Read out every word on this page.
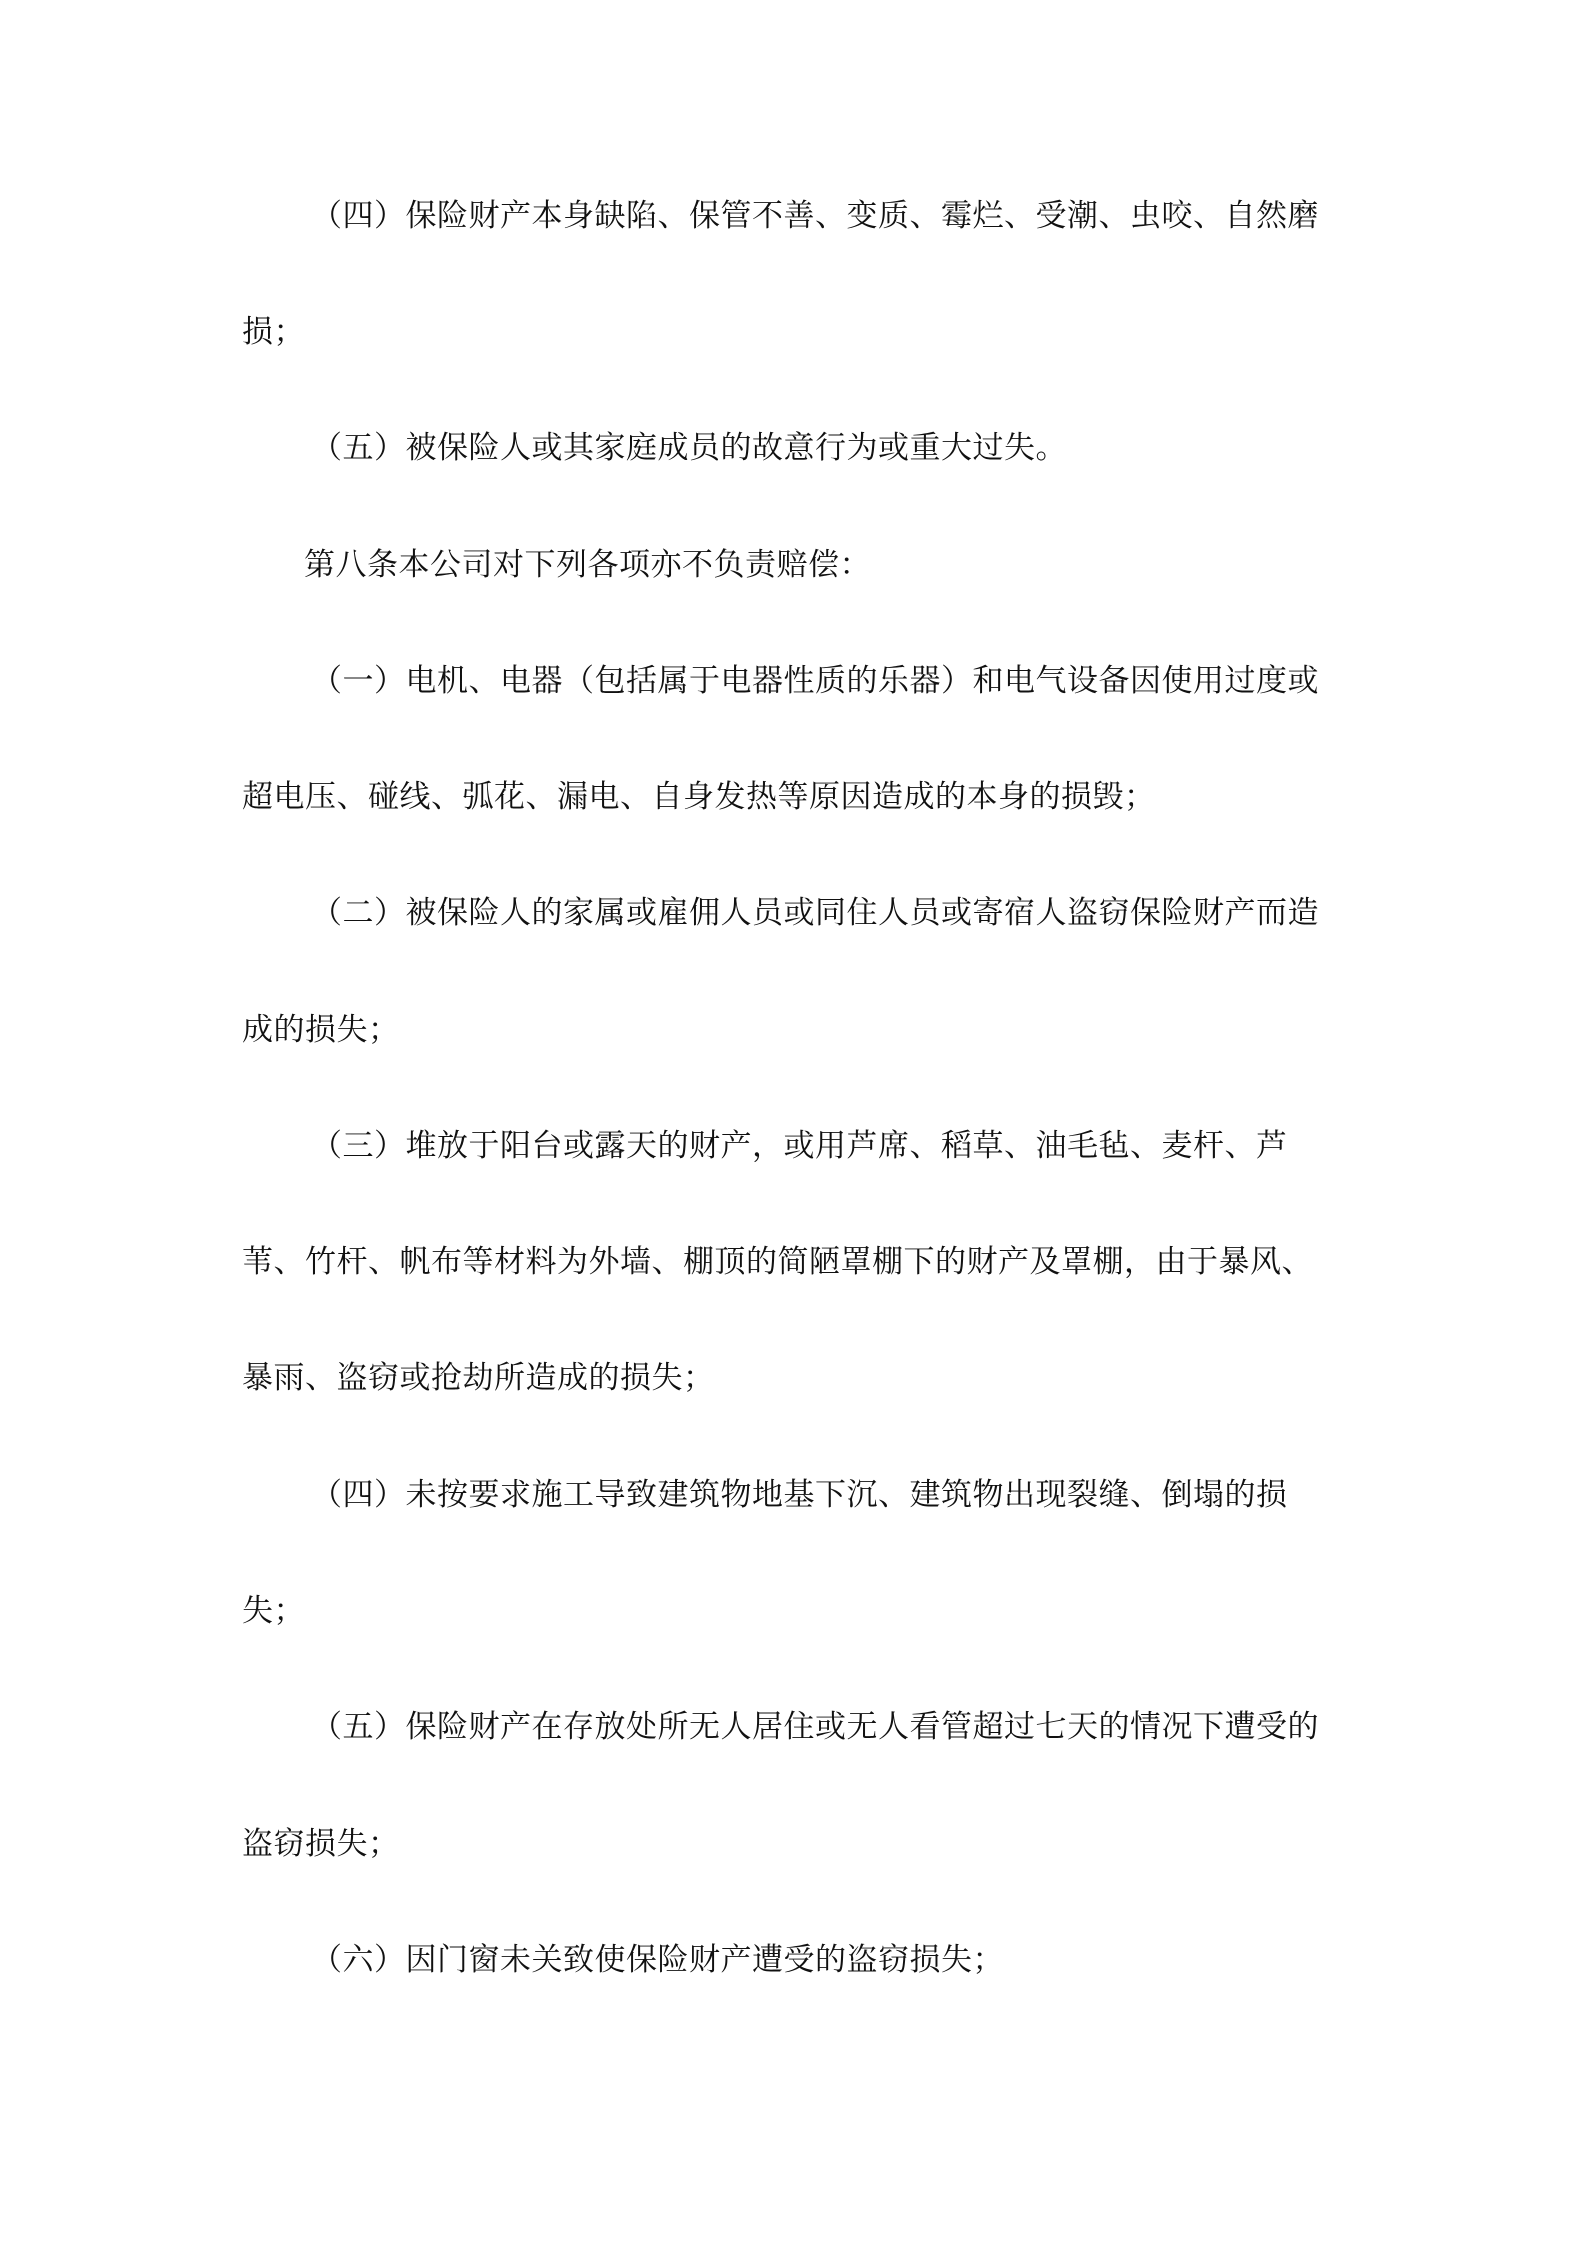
（四）保险财产本身缺陷、保管不善、变质、霉烂、受潮、虫咬、自然磨
损；
（五）被保险人或其家庭成员的故意行为或重大过失。
第八条本公司对下列各项亦不负责赔偿：
（一）电机、电器（包括属于电器性质的乐器）和电气设备因使用过度或
超电压、碰线、弧花、漏电、自身发热等原因造成的本身的损毁；
（二）被保险人的家属或雇佣人员或同住人员或寄宿人盗窃保险财产而造
成的损失；
（三）堆放于阳台或露天的财产，或用芦席、稻草、油毛毡、麦杆、芦
苇、竹杆、帆布等材料为外墙、棚顶的简陋罩棚下的财产及罩棚，由于暴风、
暴雨、盗窃或抢劫所造成的损失；
（四）未按要求施工导致建筑物地基下沉、建筑物出现裂缝、倒塌的损
失；
（五）保险财产在存放处所无人居住或无人看管超过七天的情况下遭受的
盗窃损失；
（六）因门窗未关致使保险财产遭受的盗窃损失；
